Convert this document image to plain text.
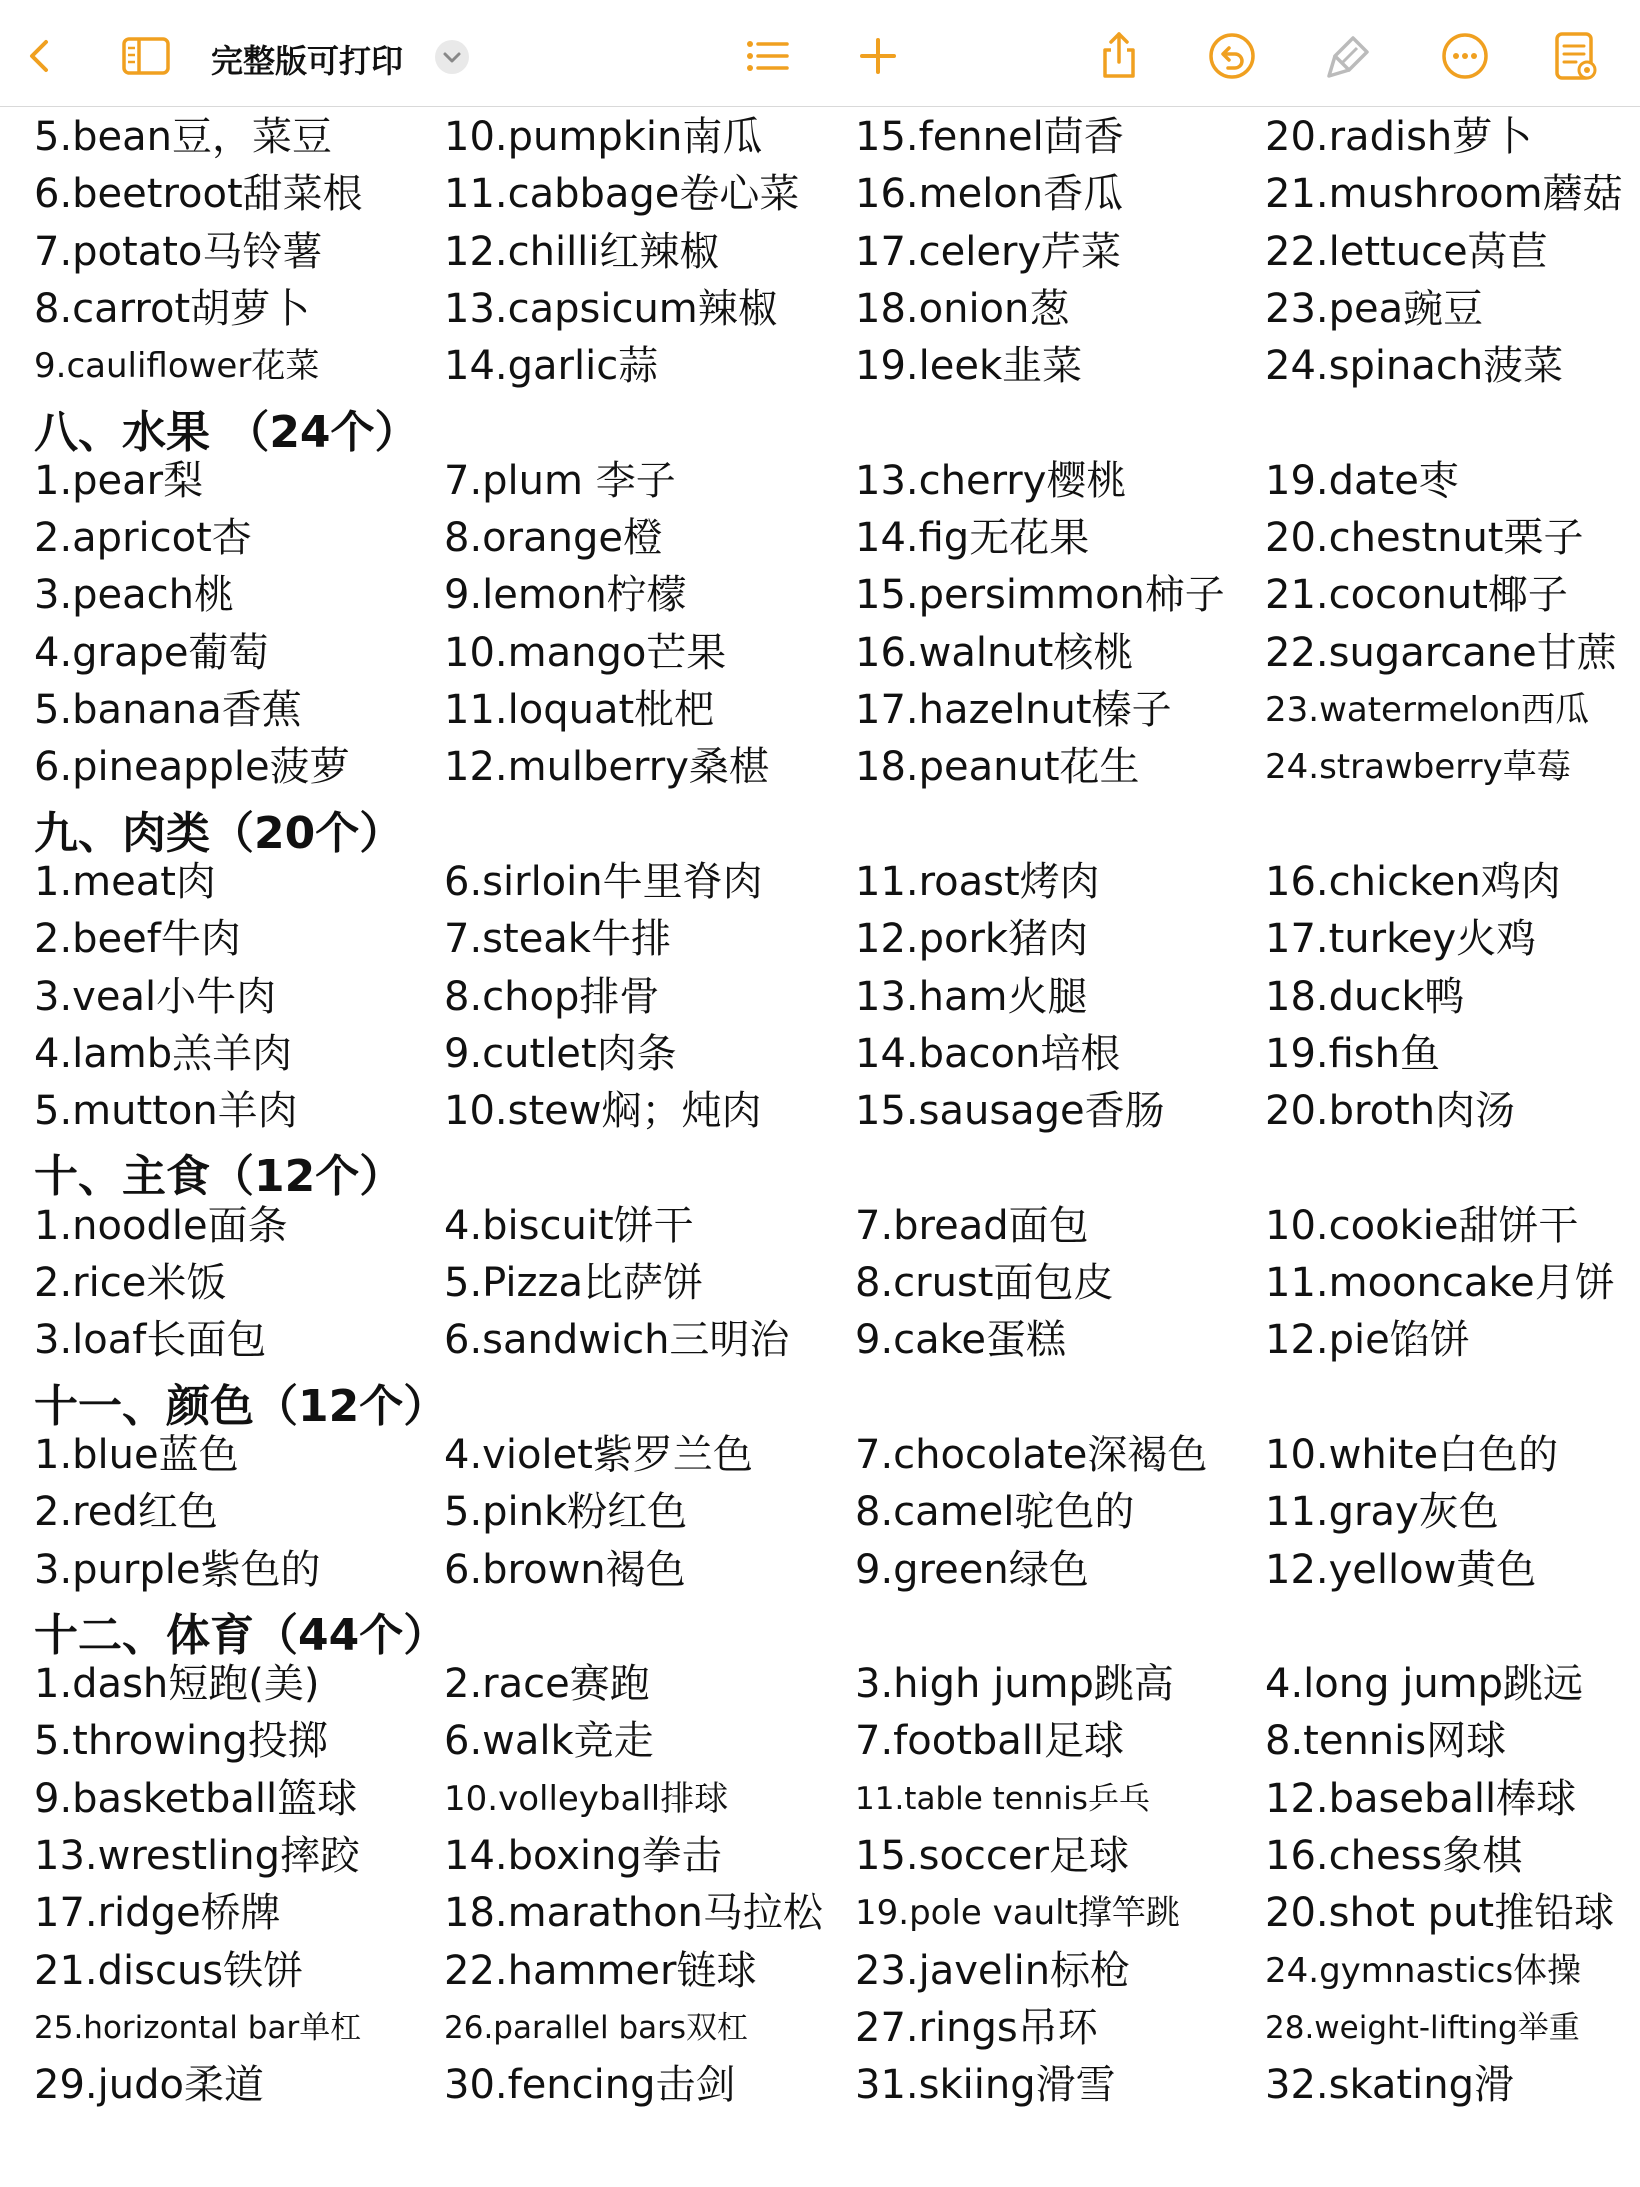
完整版可打印
5.bean豆，菜豆	10.pumpkin南瓜 15.fennel茴香	20.radish萝卜
6.beetroot甜菜根 11.cabbage卷心菜 16.melon香瓜	21.mushroom蘑菇
7.potato马铃薯	12.chilli红辣椒	17.celery芹菜	22.lettuce莴苣
8.carrot胡萝卜	13.capsicum辣椒 18.onion葱	23.pea豌豆
9.cauliflower花菜	14.garlic蒜	19.leek韭菜	24.spinach菠菜
八、水果 （24个）
1.pear梨	7.plum 李子	13.cherry樱桃	19.date枣
2.apricot杏	8.orange橙	14.fig无花果	20.chestnut栗子
3.peach桃	9.lemon柠檬	15.persimmon柿子 21.coconut椰子
4.grape葡萄	10.mango芒果	16.walnut核桃	22.sugarcane甘蔗
5.banana香蕉	11.loquat枇杷	17.hazelnut榛子	23.watermelon西瓜
6.pineapple菠萝 12.mulberry桑椹 18.peanut花生	24.strawberry草莓
九、肉类（20个）
1.meat肉	6.sirloin牛里脊肉 11.roast烤肉	16.chicken鸡肉
2.beef牛肉	7.steak牛排	12.pork猪肉	17.turkey火鸡
3.veal小牛肉	8.chop排骨	13.ham火腿	18.duck鸭
4.lamb羔羊肉	9.cutlet肉条	14.bacon培根	19.fish鱼
5.mutton羊肉	10.stew焖；炖肉 15.sausage香肠	20.broth肉汤
十、主食（12个）
1.noodle面条	4.biscuit饼干	7.bread面包	10.cookie甜饼干
2.rice米饭	5.Pizza比萨饼	8.crust面包皮	11.mooncake月饼
3.loaf长面包	6.sandwich三明治 9.cake蛋糕	12.pie馅饼
十一、颜色（12个）
1.blue蓝色	4.violet紫罗兰色	7.chocolate深褐色 10.white白色的
2.red红色	5.pink粉红色	8.camel驼色的	11.gray灰色
3.purple紫色的	6.brown褐色	9.green绿色	12.yellow黄色
十二、体育（44个）
1.dash短跑(美)	2.race赛跑	3.high jump跳高 4.long jump跳远
5.throwing投掷	6.walk竞走	7.football足球	8.tennis网球
9.basketball篮球	10.volleyball排球	11.table tennis乒乓	12.baseball棒球
13.wrestling摔跤 14.boxing拳击	15.soccer足球	16.chess象棋
17.ridge桥牌	18.marathon马拉松 19.pole vault撑竿跳 20.shot put推铅球
21.discus铁饼	22.hammer链球 23.javelin标枪	24.gymnastics体操
25.horizontal bar单杠	26.parallel bars双杠	27.rings吊环	28.weight-lifting举重
29.judo柔道	30.fencing击剑	31.skiing滑雪	32.skating滑
